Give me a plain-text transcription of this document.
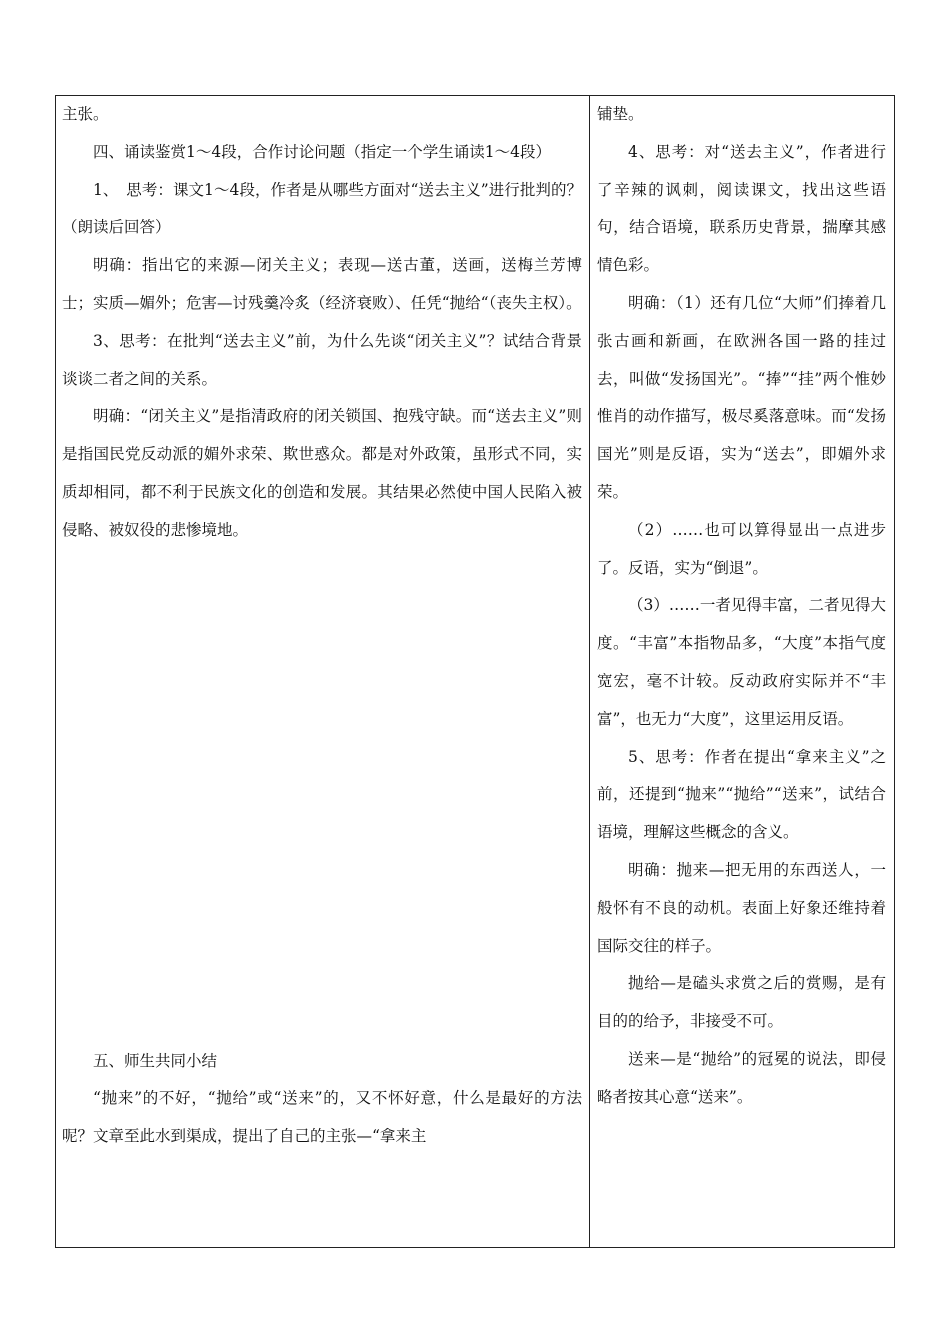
主张。

四、诵读鉴赏1～4段，合作讨论问题（指定一个学生诵读1～4段）

1、　思考：课文1～4段，作者是从哪些方面对“送去主义”进行批判的？（朗读后回答）

明确：指出它的来源—闭关主义；表现—送古董，送画，送梅兰芳博士；实质—媚外；危害—讨残羹冷炙（经济衰败）、任凭“抛给“（丧失主权）。

3、思考：在批判“送去主义”前，为什么先谈“闭关主义”？试结合背景谈谈二者之间的关系。

明确：“闭关主义”是指清政府的闭关锁国、抱残守缺。而“送去主义”则是指国民党反动派的媚外求荣、欺世惑众。都是对外政策，虽形式不同，实质却相同，都不利于民族文化的创造和发展。其结果必然使中国人民陷入被侵略、被奴役的悲惨境地。

五、师生共同小结

“抛来”的不好，“抛给”或“送来”的，又不怀好意，什么是最好的方法呢？文章至此水到渠成，提出了自己的主张—“拿来主

铺垫。

4、思考：对“送去主义”，作者进行了辛辣的讽刺，阅读课文，找出这些语句，结合语境，联系历史背景，揣摩其感情色彩。

明确：（1）还有几位“大师”们捧着几张古画和新画，在欧洲各国一路的挂过去，叫做“发扬国光”。“捧”“挂”两个惟妙惟肖的动作描写，极尽奚落意味。而“发扬国光”则是反语，实为“送去”，即媚外求荣。

（2）……也可以算得显出一点进步了。反语，实为“倒退”。

（3）……一者见得丰富，二者见得大度。“丰富”本指物品多，“大度”本指气度宽宏，毫不计较。反动政府实际并不“丰富”，也无力“大度”，这里运用反语。

5、思考：作者在提出“拿来主义”之前，还提到“抛来”“抛给”“送来”，试结合语境，理解这些概念的含义。

明确：抛来—把无用的东西送人，一般怀有不良的动机。表面上好象还维持着国际交往的样子。

抛给—是磕头求赏之后的赏赐，是有目的的给予，非接受不可。

送来—是“抛给”的冠冕的说法，即侵略者按其心意“送来”。
